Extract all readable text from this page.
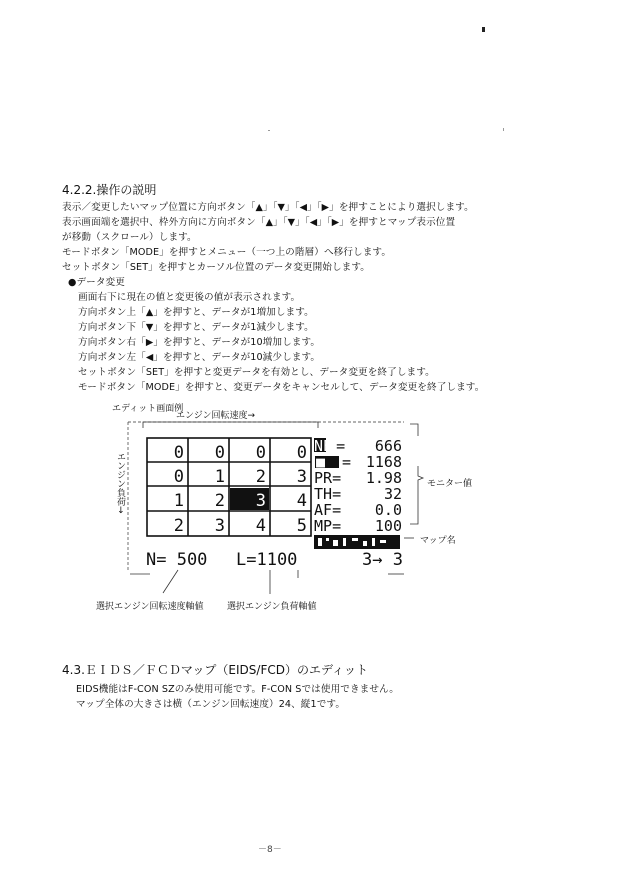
4.2.2.操作の説明
表示／変更したいマップ位置に方向ボタン「▲」「▼」「◀」「▶」を押すことにより選択します。
表示画面端を選択中、枠外方向に方向ボタン「▲」「▼」「◀」「▶」を押すとマップ表示位置
が移動（スクロール）します。
モードボタン「MODE」を押すとメニュー（一つ上の階層）へ移行します。
セットボタン「SET」を押すとカーソル位置のデータ変更開始します。
●データ変更
画面右下に現在の値と変更後の値が表示されます。
方向ボタン上「▲」を押すと、データが1増加します。
方向ボタン下「▼」を押すと、データが1減少します。
方向ボタン右「▶」を押すと、データが10増加します。
方向ボタン左「◀」を押すと、データが10減少します。
セットボタン「SET」を押すと変更データを有効とし、データ変更を終了します。
モードボタン「MODE」を押すと、変更データをキャンセルして、データ変更を終了します。
エディット画面例
0 0 0 0
0 1 2 3
1 2 3 4
2 3 4 5
NE = 666
■ = 1168
PR= 1.98
TH=	32
AF= 0.0
MP= 100
N= 500 L=1100	3→ 3
エンジン負荷→
エンジン回転速度→
モニター値
マップ名
選択エンジン回転速度軸値	選択エンジン負荷軸値
4.3.ＥＩＤＳ／ＦＣＤマップ（EIDS/FCD）のエディット
EIDS機能はF-CON SZのみ使用可能です。F-CON Sでは使用できません。
マップ全体の大きさは横（エンジン回転速度）24、縦1です。
－8－
